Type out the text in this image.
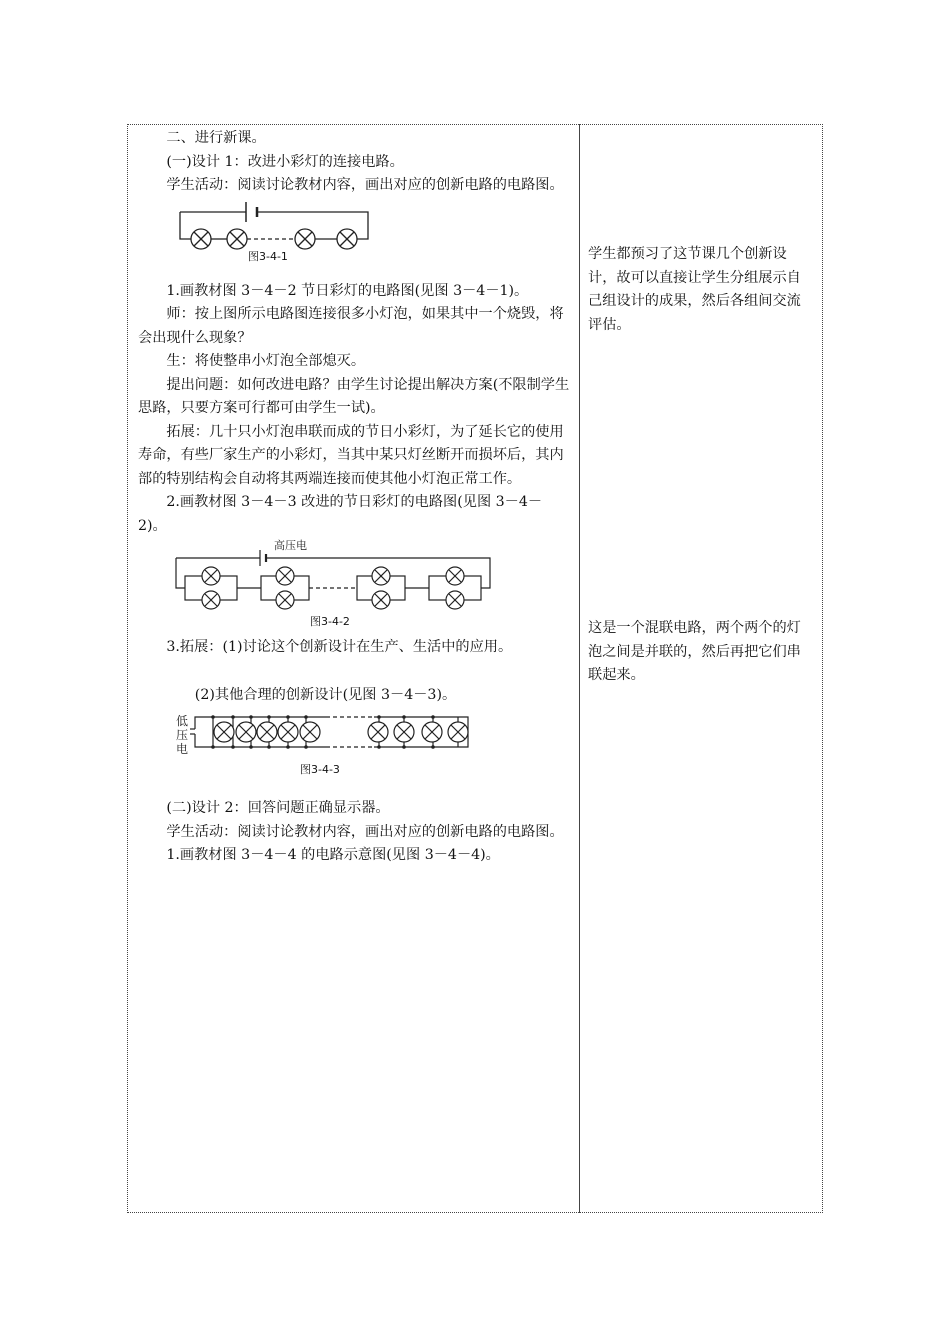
二、进行新课。

(一)设计 1：改进小彩灯的连接电路。

学生活动：阅读讨论教材内容，画出对应的创新电路的电路图。

图3-4-1

1.画教材图 3－4－2 节日彩灯的电路图(见图 3－4－1)。

师：按上图所示电路图连接很多小灯泡，如果其中一个烧毁，将会出现什么现象？

生：将使整串小灯泡全部熄灭。

提出问题：如何改进电路？由学生讨论提出解决方案(不限制学生思路，只要方案可行都可由学生一试)。

拓展：几十只小灯泡串联而成的节日小彩灯，为了延长它的使用寿命，有些厂家生产的小彩灯，当其中某只灯丝断开而损坏后，其内部的特别结构会自动将其两端连接而使其他小灯泡正常工作。

2.画教材图 3－4－3 改进的节日彩灯的电路图(见图 3－4－2)。

高压电
图3-4-2

3.拓展：(1)讨论这个创新设计在生产、生活中的应用。

(2)其他合理的创新设计(见图 3－4－3)。

低
压
电
图3-4-3

(二)设计 2：回答问题正确显示器。

学生活动：阅读讨论教材内容，画出对应的创新电路的电路图。

1.画教材图 3－4－4 的电路示意图(见图 3－4－4)。

学生都预习了这节课几个创新设计，故可以直接让学生分组展示自己组设计的成果，然后各组间交流评估。

这是一个混联电路，两个两个的灯泡之间是并联的，然后再把它们串联起来。
